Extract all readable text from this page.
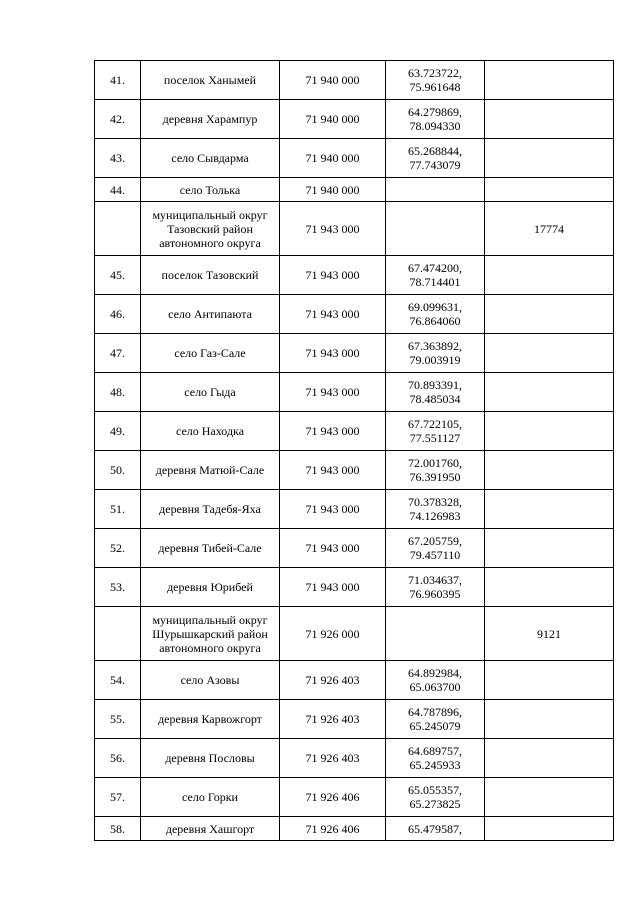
41.	поселок Ханымей	71 940 000	63.723722,
75.961648	
42.	деревня Харампур	71 940 000	64.279869,
78.094330	
43.	село Сывдарма	71 940 000	65.268844,
77.743079	
44.	село Толька	71 940 000		
	муниципальный округ
Тазовский район
автономного округа	71 943 000		17774
45.	поселок Тазовский	71 943 000	67.474200,
78.714401	
46.	село Антипаюта	71 943 000	69.099631,
76.864060	
47.	село Газ-Сале	71 943 000	67.363892,
79.003919	
48.	село Гыда	71 943 000	70.893391,
78.485034	
49.	село Находка	71 943 000	67.722105,
77.551127	
50.	деревня Матюй-Сале	71 943 000	72.001760,
76.391950	
51.	деревня Тадебя-Яха	71 943 000	70.378328,
74.126983	
52.	деревня Тибей-Сале	71 943 000	67.205759,
79.457110	
53.	деревня Юрибей	71 943 000	71.034637,
76.960395	
	муниципальный округ
Шурышкарский район
автономного округа	71 926 000		9121
54.	село Азовы	71 926 403	64.892984,
65.063700	
55.	деревня Карвожгорт	71 926 403	64.787896,
65.245079	
56.	деревня Пословы	71 926 403	64.689757,
65.245933	
57.	село Горки	71 926 406	65.055357,
65.273825	
58.	деревня Хашгорт	71 926 406	65.479587,	
